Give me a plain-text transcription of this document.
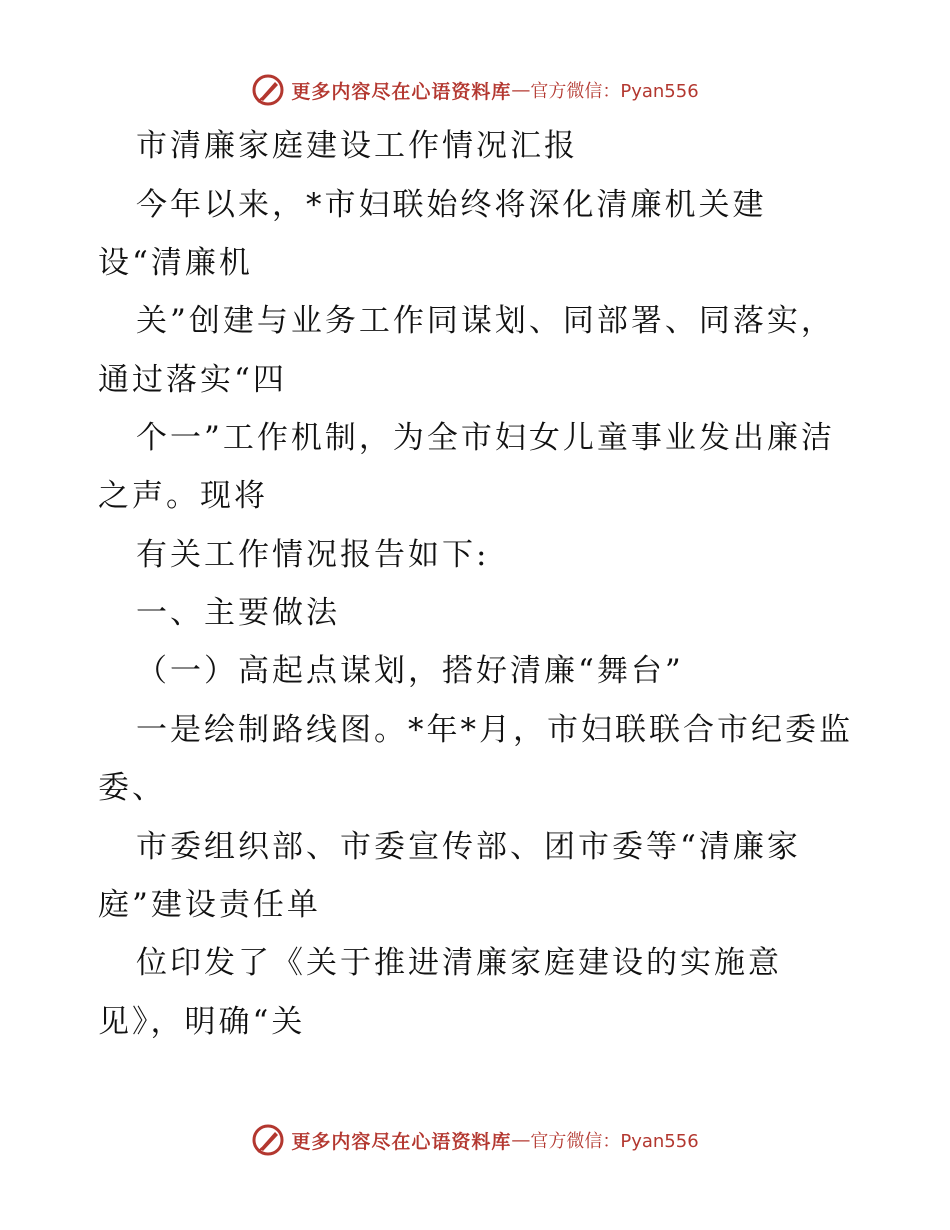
更多内容尽在心语资料库 — 官方微信：Pyan556
市清廉家庭建设工作情况汇报
今年以来，*市妇联始终将深化清廉机关建
设“清廉机
关”创建与业务工作同谋划、同部署、同落实，
通过落实“四
个一”工作机制，为全市妇女儿童事业发出廉洁
之声。现将
有关工作情况报告如下:
一、主要做法
（一）高起点谋划，搭好清廉“舞台”
一是绘制路线图。*年*月，市妇联联合市纪委监
委、
市委组织部、市委宣传部、团市委等“清廉家
庭”建设责任单
位印发了《关于推进清廉家庭建设的实施意
见》，明确“关
更多内容尽在心语资料库 — 官方微信：Pyan556
